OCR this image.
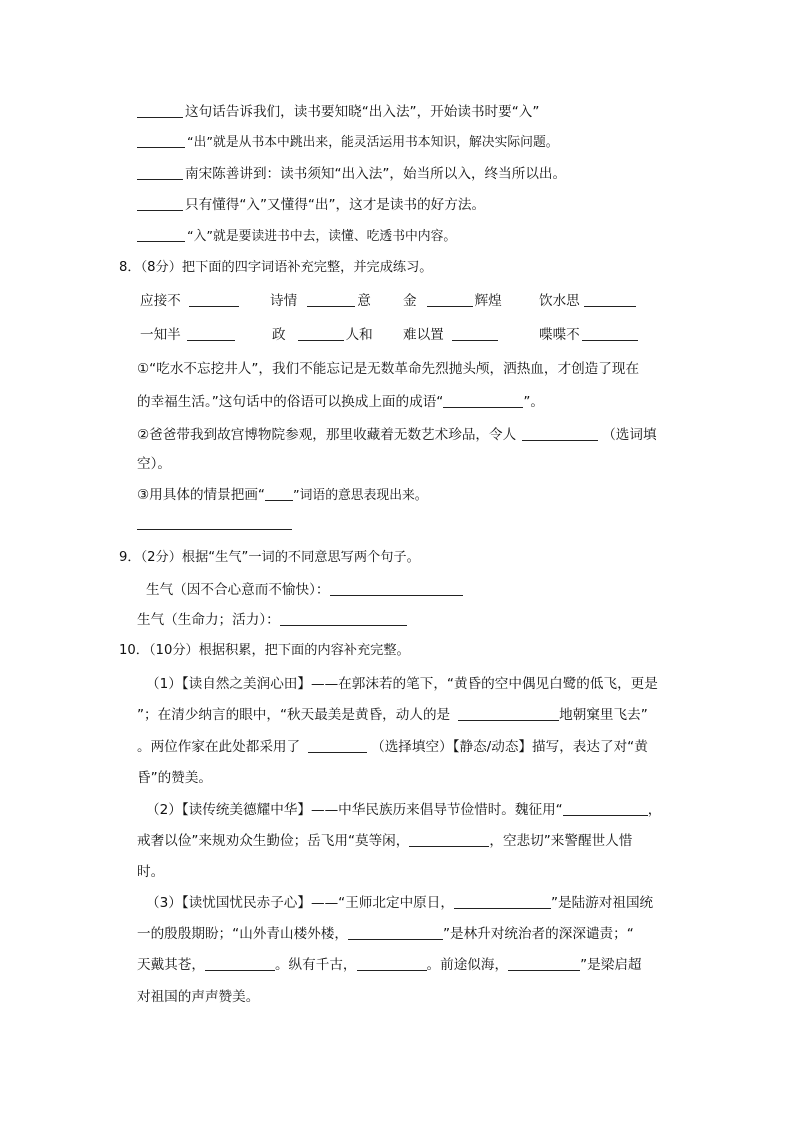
这句话告诉我们，读书要知晓“出入法”，开始读书时要“入”
“出”就是从书本中跳出来，能灵活运用书本知识，解决实际问题。
南宋陈善讲到：读书须知“出入法”，始当所以入，终当所以出。
只有懂得“入”又懂得“出”，这才是读书的好方法。
“入”就是要读进书中去，读懂、吃透书中内容。
8．（8分）把下面的四字词语补充完整，并完成练习。
应接不	诗情	意 金	辉煌	饮水思
一知半	政	人和 难以置	喋喋不
①“吃水不忘挖井人”，我们不能忘记是无数革命先烈抛头颅，洒热血，才创造了现在
的幸福生活。”这句话中的俗语可以换成上面的成语“	”。
②爸爸带我到故宫博物院参观，那里收藏着无数艺术珍品，令人	（选词填
空）。
③用具体的情景把画“ ”词语的意思表现出来。
9．（2分）根据“生气”一词的不同意思写两个句子。
生气（因不合心意而不愉快）：
生气（生命力；活力）：
10．（10分）根据积累，把下面的内容补充完整。
（1）【读自然之美润心田】——在郭沫若的笔下，“黄昏的空中偶见白鹭的低飞，更是
”；在清少纳言的眼中，“秋天最美是黄昏，动人的是	地朝窠里飞去”
。两位作家在此处都采用了	（选择填空）【静态/动态】描写，表达了对“黄
昏”的赞美。
（2）【读传统美德耀中华】——中华民族历来倡导节俭惜时。魏征用“	，
戒奢以俭”来规劝众生勤俭；岳飞用“莫等闲，	，空悲切”来警醒世人惜
时。
（3）【读忧国忧民赤子心】——“王师北定中原日，	”是陆游对祖国统
一的殷殷期盼；“山外青山楼外楼，	”是林升对统治者的深深谴责；“
天戴其苍，	。纵有千古，	。前途似海，	”是梁启超
对祖国的声声赞美。
